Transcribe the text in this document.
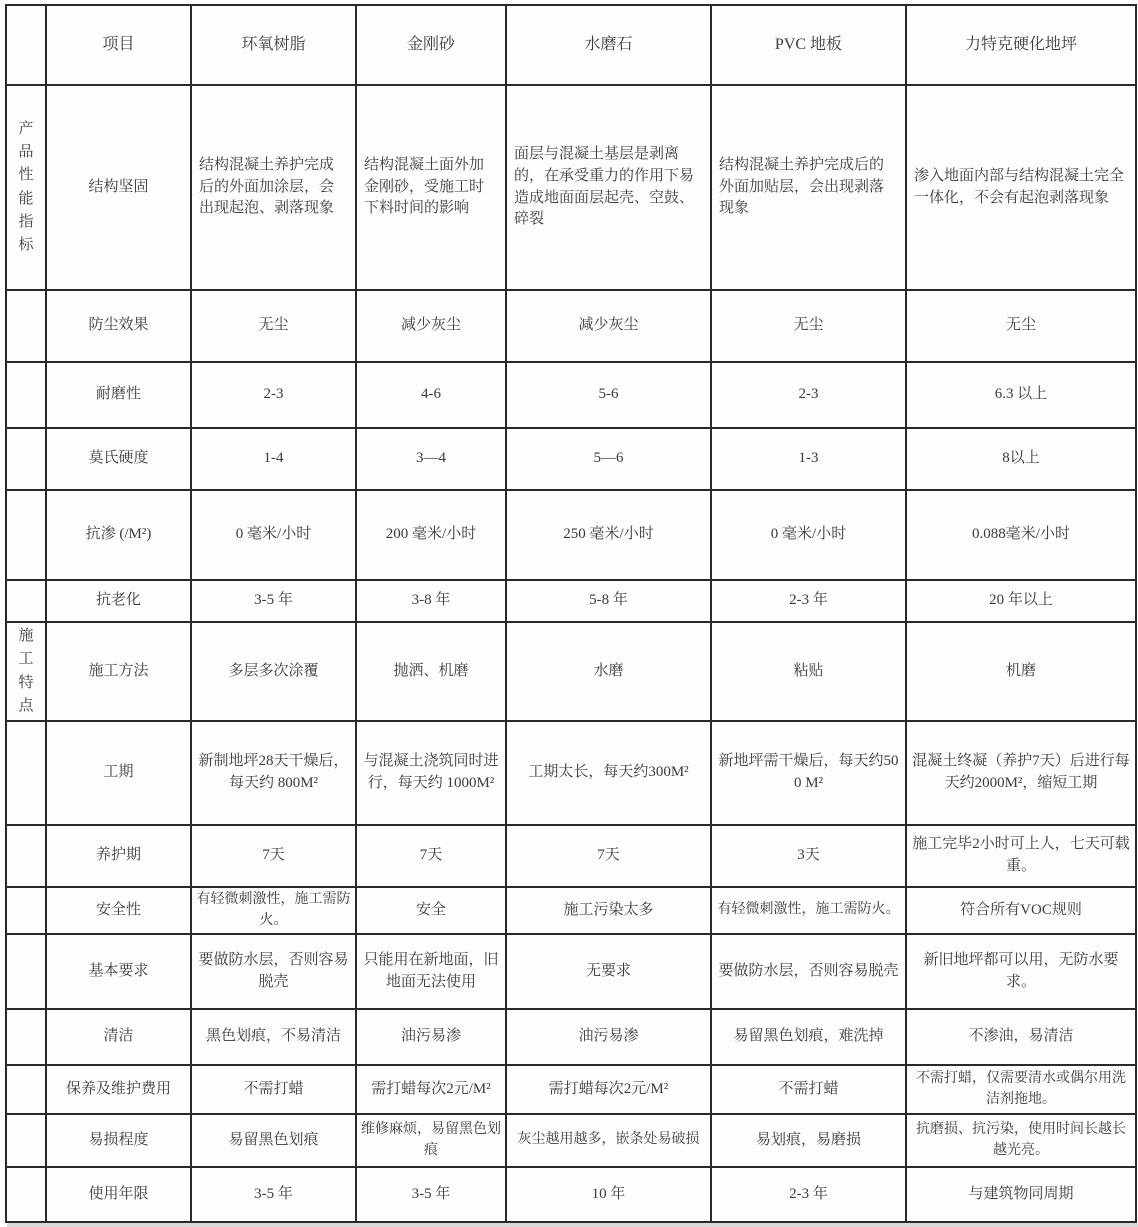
	项目	环氧树脂	金刚砂	水磨石	PVC 地板	力特克硬化地坪

产品性能指标	结构坚固	结构混凝土养护完成后的外面加涂层，会出现起泡、剥落现象	结构混凝土面外加金刚砂，受施工时下料时间的影响	面层与混凝土基层是剥离的，在承受重力的作用下易造成地面面层起壳、空鼓、碎裂	结构混凝土养护完成后的外面加贴层，会出现剥落现象	渗入地面内部与结构混凝土完全一体化，不会有起泡剥落现象
	防尘效果	无尘	减少灰尘	减少灰尘	无尘	无尘
	耐磨性	2-3	4-6	5-6	2-3	6.3 以上
	莫氏硬度	1-4	3—4	5—6	1-3	8以上
	抗渗 (/M²)	0 毫米/小时	200 毫米/小时	250 毫米/小时	0 毫米/小时	0.088毫米/小时
	抗老化	3-5 年	3-8 年	5-8 年	2-3 年	20 年以上

施工特点	施工方法	多层多次涂覆	抛洒、机磨	水磨	粘贴	机磨
	工期	新制地坪28天干燥后，每天约 800M²	与混凝土浇筑同时进行，每天约 1000M²	工期太长，每天约300M²	新地坪需干燥后，每天约500 M²	混凝土终凝（养护7天）后进行每天约2000M²，缩短工期
	养护期	7天	7天	7天	3天	施工完毕2小时可上人，七天可载重。
	安全性	有轻微刺激性，施工需防火。	安全	施工污染太多	有轻微刺激性，施工需防火。	符合所有VOC规则
	基本要求	要做防水层，否则容易脱壳	只能用在新地面，旧地面无法使用	无要求	要做防水层，否则容易脱壳	新旧地坪都可以用，无防水要求。
	清洁	黑色划痕，不易清洁	油污易渗	油污易渗	易留黑色划痕，难洗掉	不渗油，易清洁
	保养及维护费用	不需打蜡	需打蜡每次2元/M²	需打蜡每次2元/M²	不需打蜡	不需打蜡，仅需要清水或偶尔用洗洁剂拖地。
	易损程度	易留黑色划痕	维修麻烦，易留黑色划痕	灰尘越用越多，嵌条处易破损	易划痕，易磨损	抗磨损、抗污染，使用时间长越长越光亮。
	使用年限	3-5 年	3-5 年	10 年	2-3 年	与建筑物同周期
